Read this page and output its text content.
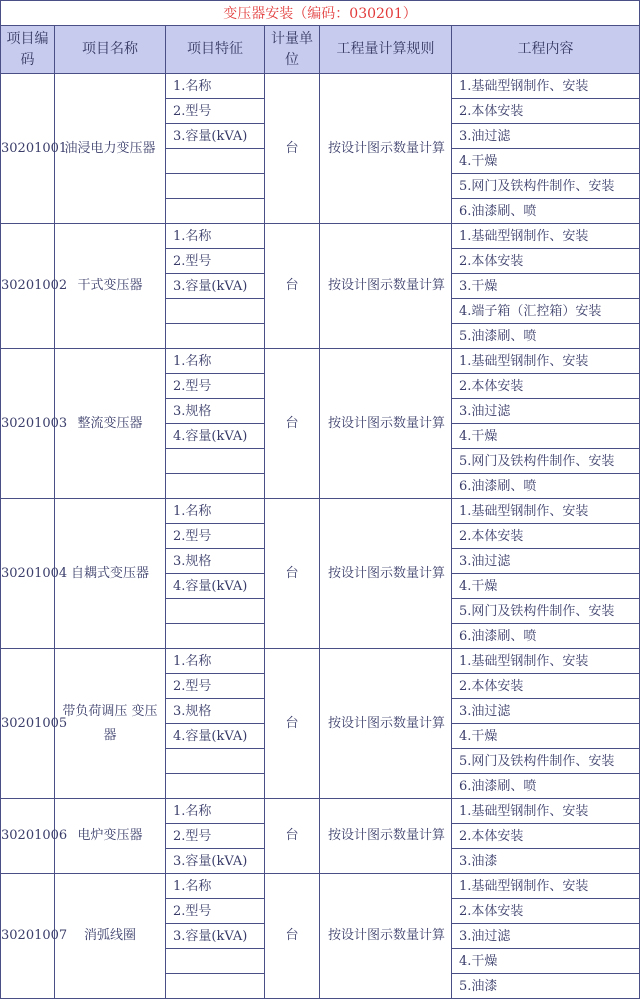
变压器安装（编码：030201）					
项目编码	项目名称	项目特征	计量单位	工程量计算规则	工程内容
30201001	油浸电力变压器	1.名称	台	按设计图示数量计算	1.基础型钢制作、安装
		2.型号			2.本体安装
		3.容量(kVA)			3.油过滤
					4.干燥
					5.网门及铁构件制作、安装
					6.油漆刷、喷
30201002	干式变压器	1.名称	台	按设计图示数量计算	1.基础型钢制作、安装
		2.型号			2.本体安装
		3.容量(kVA)			3.干燥
					4.端子箱（汇控箱）安装
					5.油漆刷、喷
30201003	整流变压器	1.名称	台	按设计图示数量计算	1.基础型钢制作、安装
		2.型号			2.本体安装
		3.规格			3.油过滤
		4.容量(kVA)			4.干燥
					5.网门及铁构件制作、安装
					6.油漆刷、喷
30201004	自耦式变压器	1.名称	台	按设计图示数量计算	1.基础型钢制作、安装
		2.型号			2.本体安装
		3.规格			3.油过滤
		4.容量(kVA)			4.干燥
					5.网门及铁构件制作、安装
					6.油漆刷、喷
30201005	带负荷调压 变压器	1.名称	台	按设计图示数量计算	1.基础型钢制作、安装
		2.型号			2.本体安装
		3.规格			3.油过滤
		4.容量(kVA)			4.干燥
					5.网门及铁构件制作、安装
					6.油漆刷、喷
30201006	电炉变压器	1.名称	台	按设计图示数量计算	1.基础型钢制作、安装
		2.型号			2.本体安装
		3.容量(kVA)			3.油漆
30201007	消弧线圈	1.名称	台	按设计图示数量计算	1.基础型钢制作、安装
		2.型号			2.本体安装
		3.容量(kVA)			3.油过滤
					4.干燥
					5.油漆
